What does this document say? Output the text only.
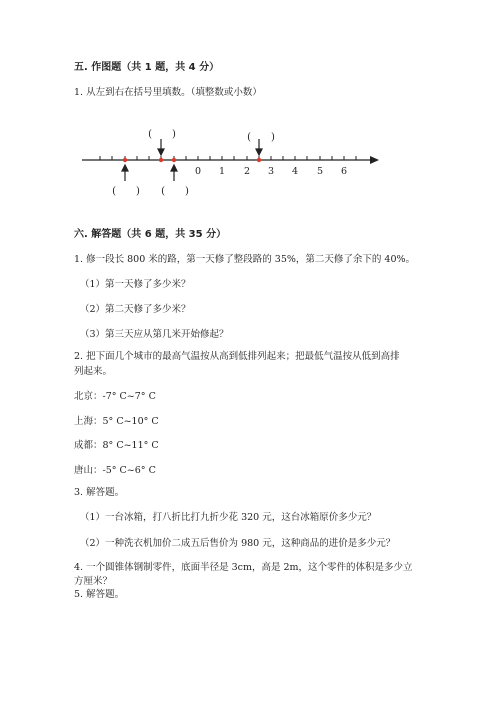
五. 作图题（共 1 题，共 4 分）
1. 从左到右在括号里填数。（填整数或小数）
0 1 2 3 4 5 6
(　　)	(　　)
(　　) (　　)
六. 解答题（共 6 题，共 35 分）
1. 修一段长 800 米的路，第一天修了整段路的 35%，第二天修了余下的 40%。
（1）第一天修了多少米？
（2）第二天修了多少米？
（3）第三天应从第几米开始修起？
2. 把下面几个城市的最高气温按从高到低排列起来；把最低气温按从低到高排
列起来。
北京：-7° C~7° C
上海：5° C~10° C
成都：8° C~11° C
唐山：-5° C~6° C
3. 解答题。
（1）一台冰箱，打八折比打九折少花 320 元，这台冰箱原价多少元？
（2）一种洗衣机加价二成五后售价为 980 元，这种商品的进价是多少元？
4. 一个圆锥体钢制零件，底面半径是 3cm，高是 2m，这个零件的体积是多少立
方厘米？
5. 解答题。
